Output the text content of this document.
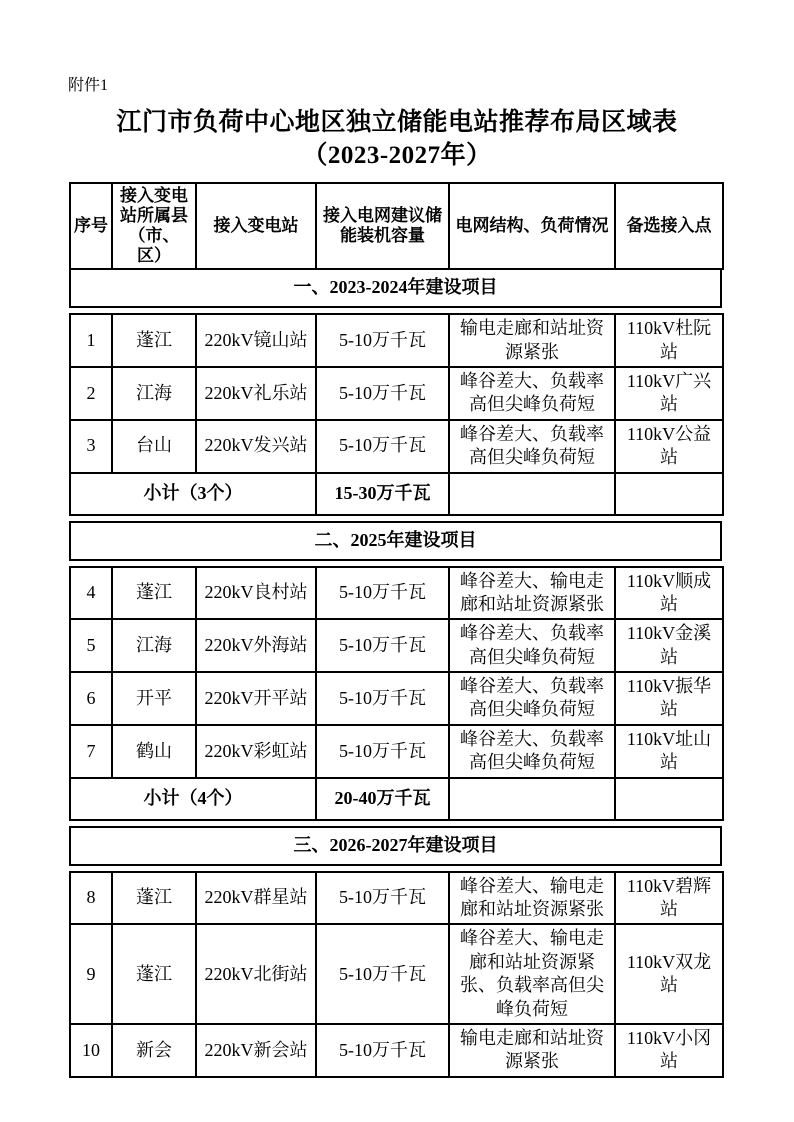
附件1
江门市负荷中心地区独立储能电站推荐布局区域表
（2023-2027年）
序号	接入变电站所属县（市、区）	接入变电站	接入电网建议储能装机容量	电网结构、负荷情况	备选接入点
一、2023-2024年建设项目
1	蓬江	220kV镜山站	5-10万千瓦	输电走廊和站址资源紧张	110kV杜阮站
2	江海	220kV礼乐站	5-10万千瓦	峰谷差大、负载率高但尖峰负荷短	110kV广兴站
3	台山	220kV发兴站	5-10万千瓦	峰谷差大、负载率高但尖峰负荷短	110kV公益站
小计（3个）			15-30万千瓦		
二、2025年建设项目
4	蓬江	220kV良村站	5-10万千瓦	峰谷差大、输电走廊和站址资源紧张	110kV顺成站
5	江海	220kV外海站	5-10万千瓦	峰谷差大、负载率高但尖峰负荷短	110kV金溪站
6	开平	220kV开平站	5-10万千瓦	峰谷差大、负载率高但尖峰负荷短	110kV振华站
7	鹤山	220kV彩虹站	5-10万千瓦	峰谷差大、负载率高但尖峰负荷短	110kV址山站
小计（4个）			20-40万千瓦		
三、2026-2027年建设项目
8	蓬江	220kV群星站	5-10万千瓦	峰谷差大、输电走廊和站址资源紧张	110kV碧辉站
9	蓬江	220kV北街站	5-10万千瓦	峰谷差大、输电走廊和站址资源紧张、负载率高但尖峰负荷短	110kV双龙站
10	新会	220kV新会站	5-10万千瓦	输电走廊和站址资源紧张	110kV小冈站
